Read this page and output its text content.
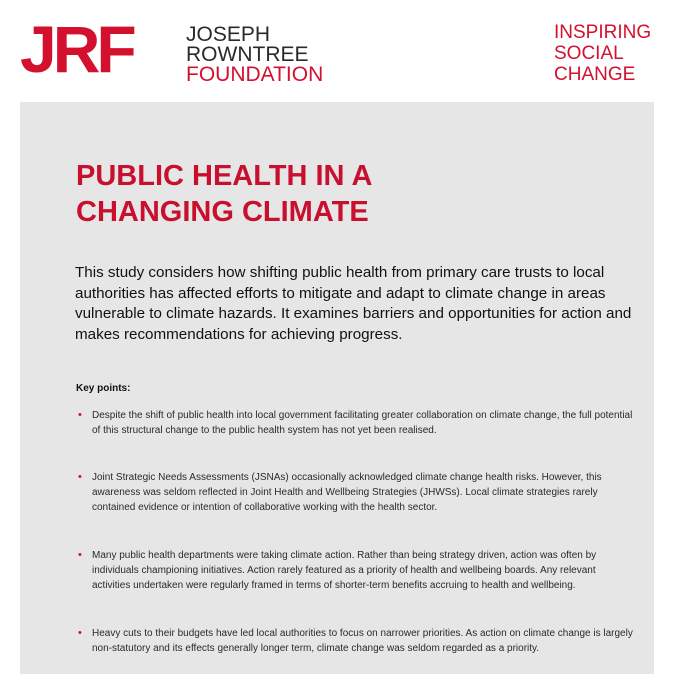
JRF	JOSEPH
ROWNTREE
FOUNDATION
INSPIRING
SOCIAL
CHANGE
PUBLIC HEALTH IN A
CHANGING CLIMATE

This study considers how shifting public health from primary care trusts to local authorities has affected efforts to mitigate and adapt to climate change in areas vulnerable to climate hazards. It examines barriers and opportunities for action and makes recommendations for achieving progress.

Key points:

• Despite the shift of public health into local government facilitating greater collaboration on climate change, the full potential of this structural change to the public health system has not yet been realised.
• Joint Strategic Needs Assessments (JSNAs) occasionally acknowledged climate change health risks. However, this awareness was seldom reflected in Joint Health and Wellbeing Strategies (JHWSs). Local climate strategies rarely contained evidence or intention of collaborative working with the health sector.
• Many public health departments were taking climate action. Rather than being strategy driven, action was often by individuals championing initiatives. Action rarely featured as a priority of health and wellbeing boards. Any relevant activities undertaken were regularly framed in terms of shorter-term benefits accruing to health and wellbeing.
• Heavy cuts to their budgets have led local authorities to focus on narrower priorities. As action on climate change is largely non-statutory and its effects generally longer term, climate change was seldom regarded as a priority.
